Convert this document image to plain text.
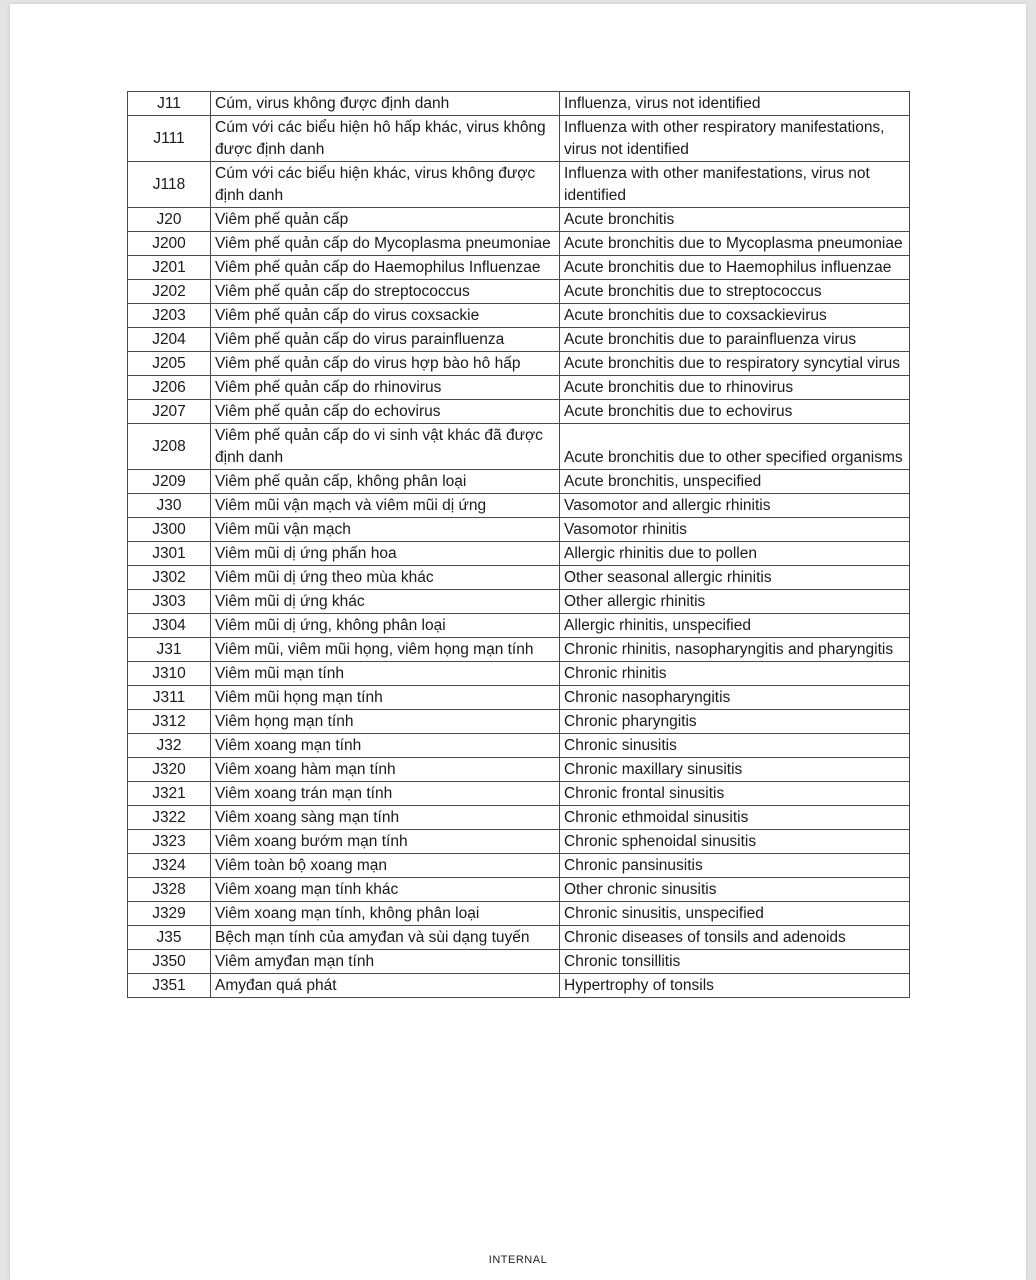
J11	Cúm, virus không được định danh	Influenza, virus not identified
J111	Cúm với các biểu hiện hô hấp khác, virus không được định danh	Influenza with other respiratory manifestations, virus not identified
J118	Cúm với các biểu hiện khác, virus không được định danh	Influenza with other manifestations, virus not identified
J20	Viêm phế quản cấp	Acute bronchitis
J200	Viêm phế quản cấp do Mycoplasma pneumoniae	Acute bronchitis due to Mycoplasma pneumoniae
J201	Viêm phế quản cấp do Haemophilus Influenzae	Acute bronchitis due to Haemophilus influenzae
J202	Viêm phế quản cấp do streptococcus	Acute bronchitis due to streptococcus
J203	Viêm phế quản cấp do virus coxsackie	Acute bronchitis due to coxsackievirus
J204	Viêm phế quản cấp do virus parainfluenza	Acute bronchitis due to parainfluenza virus
J205	Viêm phế quản cấp do virus hợp bào hô hấp	Acute bronchitis due to respiratory syncytial virus
J206	Viêm phế quản cấp do rhinovirus	Acute bronchitis due to rhinovirus
J207	Viêm phế quản cấp do echovirus	Acute bronchitis due to echovirus
J208	Viêm phế quản cấp do vi sinh vật khác đã được định danh	Acute bronchitis due to other specified organisms
J209	Viêm phế quản cấp, không phân loại	Acute bronchitis, unspecified
J30	Viêm mũi vận mạch và viêm mũi dị ứng	Vasomotor and allergic rhinitis
J300	Viêm mũi vận mạch	Vasomotor rhinitis
J301	Viêm mũi dị ứng phấn hoa	Allergic rhinitis due to pollen
J302	Viêm mũi dị ứng theo mùa khác	Other seasonal allergic rhinitis
J303	Viêm mũi dị ứng khác	Other allergic rhinitis
J304	Viêm mũi dị ứng, không phân loại	Allergic rhinitis, unspecified
J31	Viêm mũi, viêm mũi họng, viêm họng mạn tính	Chronic rhinitis, nasopharyngitis and pharyngitis
J310	Viêm mũi mạn tính	Chronic rhinitis
J311	Viêm mũi họng mạn tính	Chronic nasopharyngitis
J312	Viêm họng mạn tính	Chronic pharyngitis
J32	Viêm xoang mạn tính	Chronic sinusitis
J320	Viêm xoang hàm mạn tính	Chronic maxillary sinusitis
J321	Viêm xoang trán mạn tính	Chronic frontal sinusitis
J322	Viêm xoang sàng mạn tính	Chronic ethmoidal sinusitis
J323	Viêm xoang bướm mạn tính	Chronic sphenoidal sinusitis
J324	Viêm toàn bộ xoang mạn	Chronic pansinusitis
J328	Viêm xoang mạn tính khác	Other chronic sinusitis
J329	Viêm xoang mạn tính, không phân loại	Chronic sinusitis, unspecified
J35	Bệch mạn tính của amyđan và sùi dạng tuyến	Chronic diseases of tonsils and adenoids
J350	Viêm amyđan mạn tính	Chronic tonsillitis
J351	Amyđan quá phát	Hypertrophy of tonsils
INTERNAL
